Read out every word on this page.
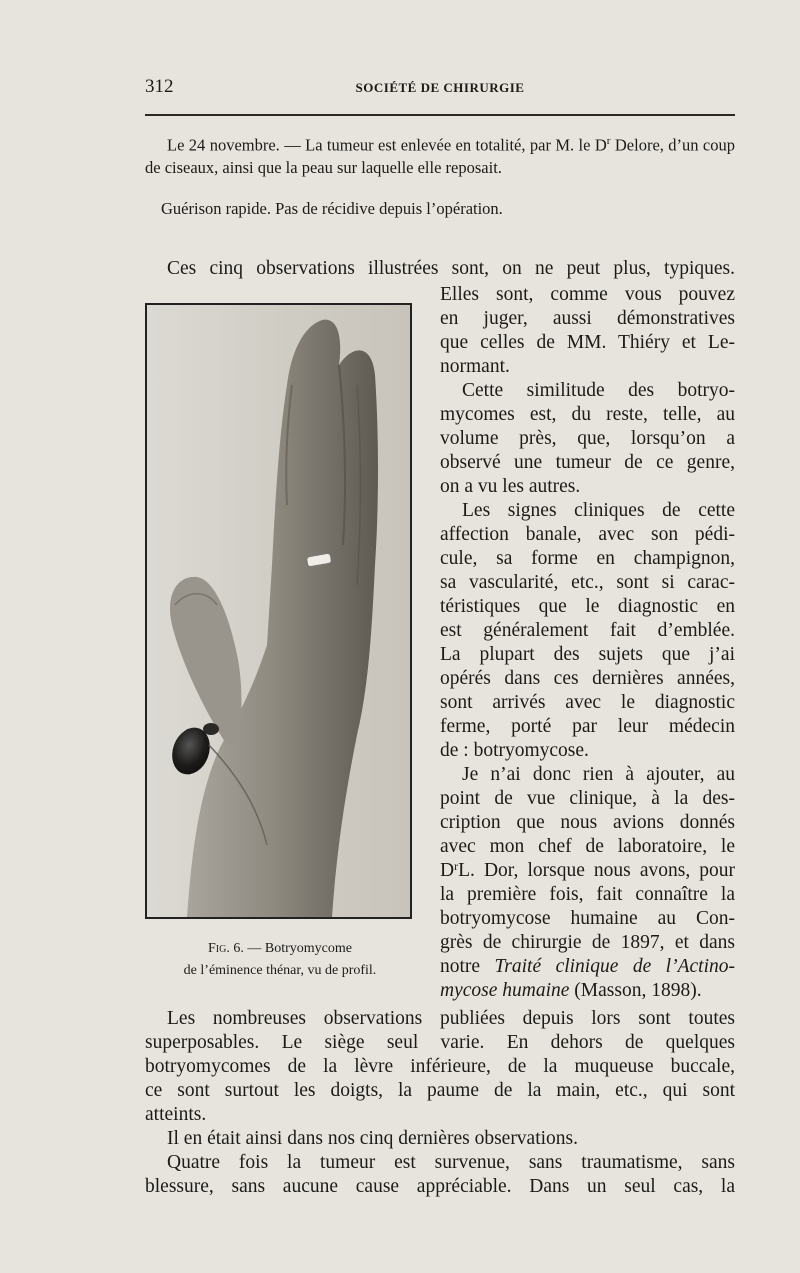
312	SOCIÉTÉ DE CHIRURGIE
Le 24 novembre. — La tumeur est enlevée en totalité, par M. le $D^r$ Delore, d’un coup de ciseaux, ainsi que la peau sur laquelle elle reposait.
Guérison rapide. Pas de récidive depuis l’opération.
Ces cinq observations illustrées sont, on ne peut plus, typiques.
Elles sont, comme vous pouvez
en juger, aussi démonstratives
que celles de MM. Thiéry et Le-
normant.
Cette similitude des botryo-
mycomes est, du reste, telle, au
volume près, que, lorsqu’on a
observé une tumeur de ce genre,
on a vu les autres.
Les signes cliniques de cette
affection banale, avec son pédi-
cule, sa forme en champignon,
sa vascularité, etc., sont si carac-
téristiques que le diagnostic en
est généralement fait d’emblée.
La plupart des sujets que j’ai
opérés dans ces dernières années,
sont arrivés avec le diagnostic
ferme, porté par leur médecin
de : botryomycose.
Je n’ai donc rien à ajouter, au
point de vue clinique, à la des-
cription que nous avions donnés
avec mon chef de laboratoire, le
$D^rL$. Dor, lorsque nous avons, pour
la première fois, fait connaître la
botryomycose humaine au Con-
grès de chirurgie de 1897, et dans
notre Traité clinique de l’Actino-
mycose humaine (Masson, 1898).
Les nombreuses observations publiées depuis lors sont toutes
superposables. Le siège seul varie. En dehors de quelques
botryomycomes de la lèvre inférieure, de la muqueuse buccale,
ce sont surtout les doigts, la paume de la main, etc., qui sont
atteints.
Il en était ainsi dans nos cinq dernières observations.
Quatre fois la tumeur est survenue, sans traumatisme, sans
blessure, sans aucune cause appréciable. Dans un seul cas, la
Fig. 6. — Botryomycome
de l’éminence thénar, vu de profil.
